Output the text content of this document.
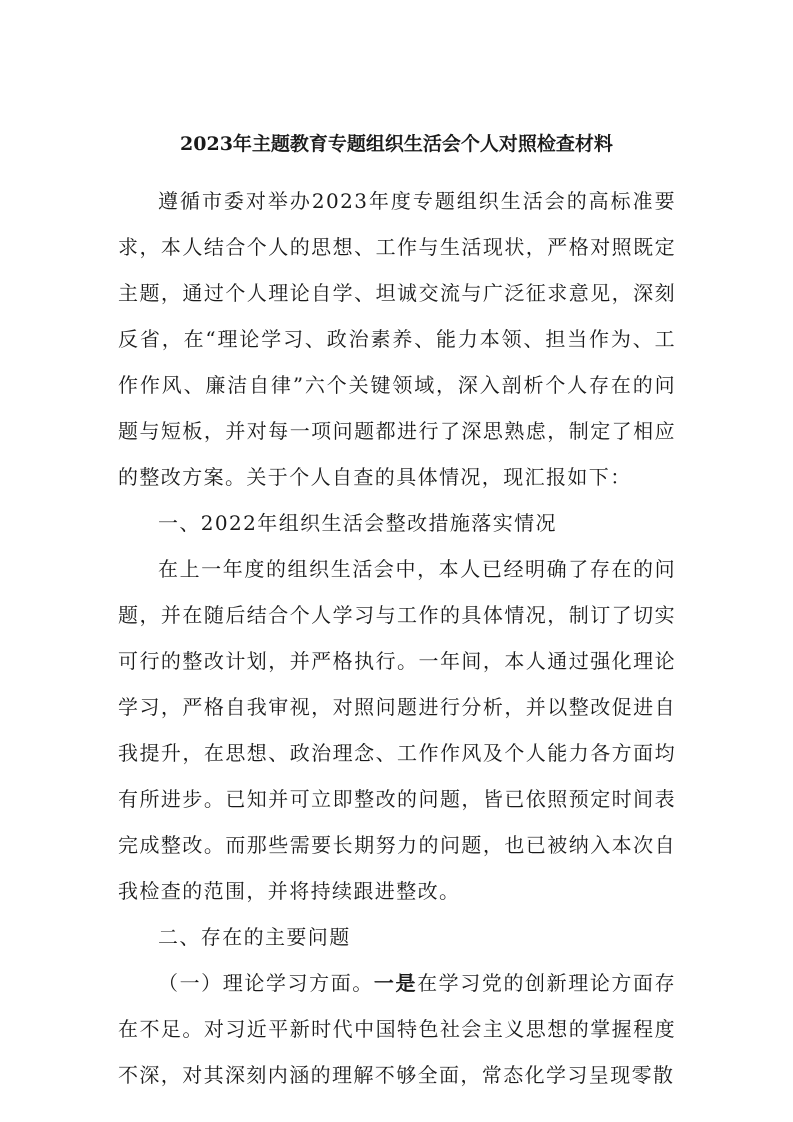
2023年主题教育专题组织生活会个人对照检查材料

遵循市委对举办2023年度专题组织生活会的高标准要求，本人结合个人的思想、工作与生活现状，严格对照既定主题，通过个人理论自学、坦诚交流与广泛征求意见，深刻反省，在“理论学习、政治素养、能力本领、担当作为、工作作风、廉洁自律”六个关键领域，深入剖析个人存在的问题与短板，并对每一项问题都进行了深思熟虑，制定了相应的整改方案。关于个人自查的具体情况，现汇报如下：

一、2022年组织生活会整改措施落实情况

在上一年度的组织生活会中，本人已经明确了存在的问题，并在随后结合个人学习与工作的具体情况，制订了切实可行的整改计划，并严格执行。一年间，本人通过强化理论学习，严格自我审视，对照问题进行分析，并以整改促进自我提升，在思想、政治理念、工作作风及个人能力各方面均有所进步。已知并可立即整改的问题，皆已依照预定时间表完成整改。而那些需要长期努力的问题，也已被纳入本次自我检查的范围，并将持续跟进整改。

二、存在的主要问题

（一）理论学习方面。一是在学习党的创新理论方面存在不足。对习近平新时代中国特色社会主义思想的掌握程度不深，对其深刻内涵的理解不够全面，常态化学习呈现零散
